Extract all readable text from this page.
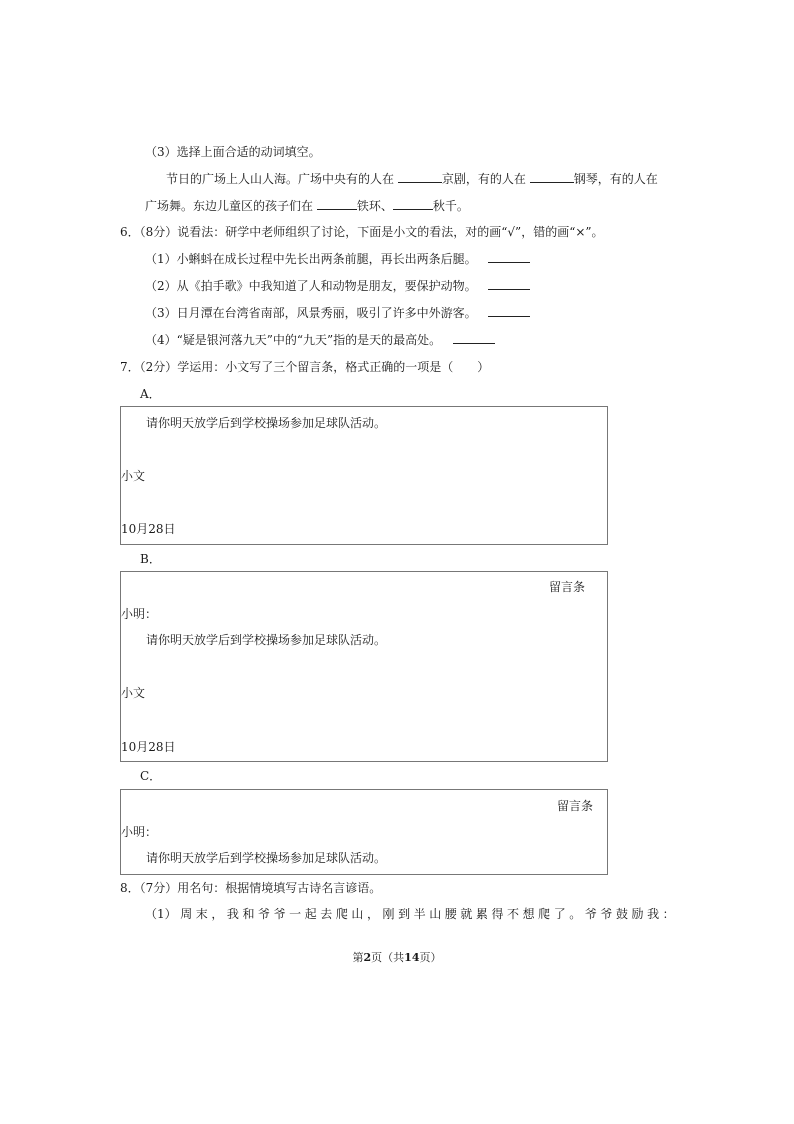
（3）选择上面合适的动词填空。
节日的广场上人山人海。广场中央有的人在	京剧，有的人在	钢琴，有的人在
广场舞。东边儿童区的孩子们在	铁环、	秋千。
6．（8分）说看法：研学中老师组织了讨论，下面是小文的看法，对的画“√”，错的画“×”。
（1）小蝌蚪在成长过程中先长出两条前腿，再长出两条后腿。
（2）从《拍手歌》中我知道了人和动物是朋友，要保护动物。
（3）日月潭在台湾省南部，风景秀丽，吸引了许多中外游客。
（4）“疑是银河落九天”中的“九天”指的是天的最高处。
7．（2分）学运用：小文写了三个留言条，格式正确的一项是（　　）
A．
请你明天放学后到学校操场参加足球队活动。
小文
10月28日
B．
留言条
小明：
请你明天放学后到学校操场参加足球队活动。
小文
10月28日
C．
留言条
小明：
请你明天放学后到学校操场参加足球队活动。
8．（7分）用名句：根据情境填写古诗名言谚语。
（1） 周 末 ， 我 和 爷 爷 一 起 去 爬 山 ， 刚 到 半 山 腰 就 累 得 不 想 爬 了 。 爷 爷 鼓 励 我 ：
第2页（共14页）
